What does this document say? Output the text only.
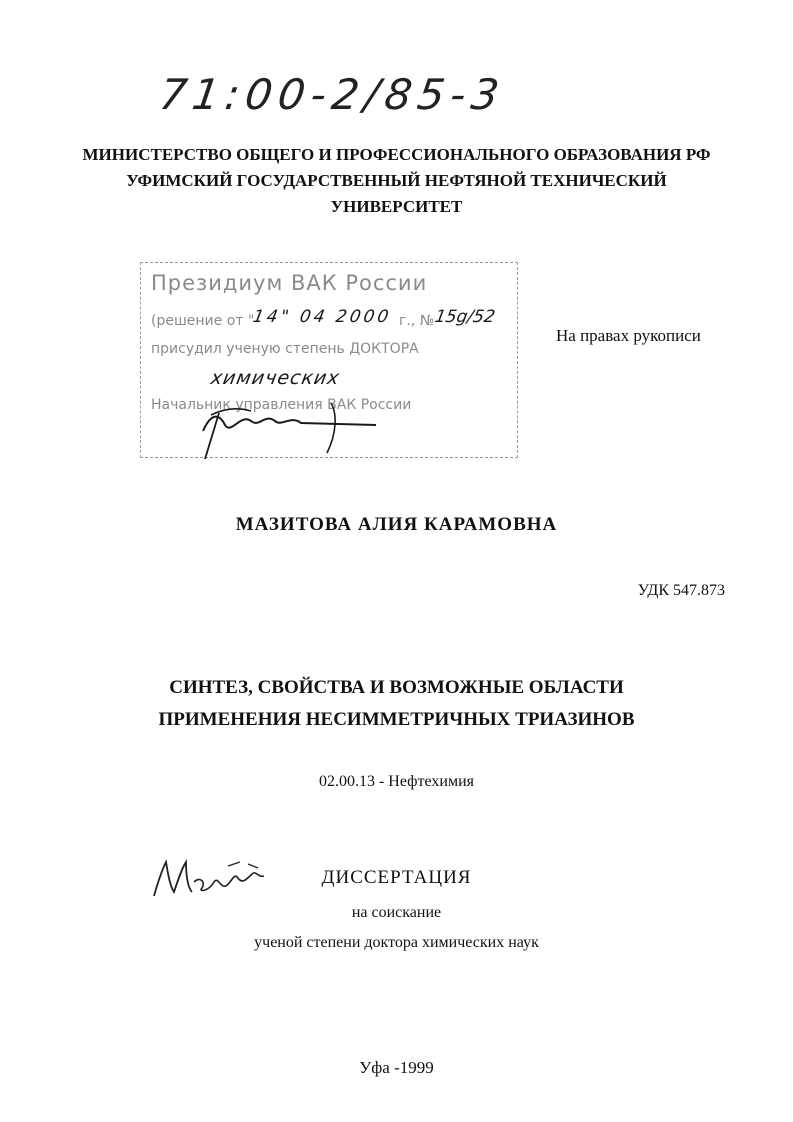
71:00-2/85-3
МИНИСТЕРСТВО ОБЩЕГО И ПРОФЕССИОНАЛЬНОГО ОБРАЗОВАНИЯ РФ
УФИМСКИЙ ГОСУДАРСТВЕННЫЙ НЕФТЯНОЙ ТЕХНИЧЕСКИЙ
УНИВЕРСИТЕТ
Президиум ВАК России
(решение от "
14" 04 2000 г., №
15g/52
присудил ученую степень ДОКТОРА
химических
Начальник управления ВАК России
На правах рукописи
МАЗИТОВА АЛИЯ КАРАМОВНА
УДК 547.873
СИНТЕЗ, СВОЙСТВА И ВОЗМОЖНЫЕ ОБЛАСТИ
ПРИМЕНЕНИЯ НЕСИММЕТРИЧНЫХ ТРИАЗИНОВ
02.00.13 - Нефтехимия
ДИССЕРТАЦИЯ
на соискание
ученой степени доктора химических наук
Уфа -1999
